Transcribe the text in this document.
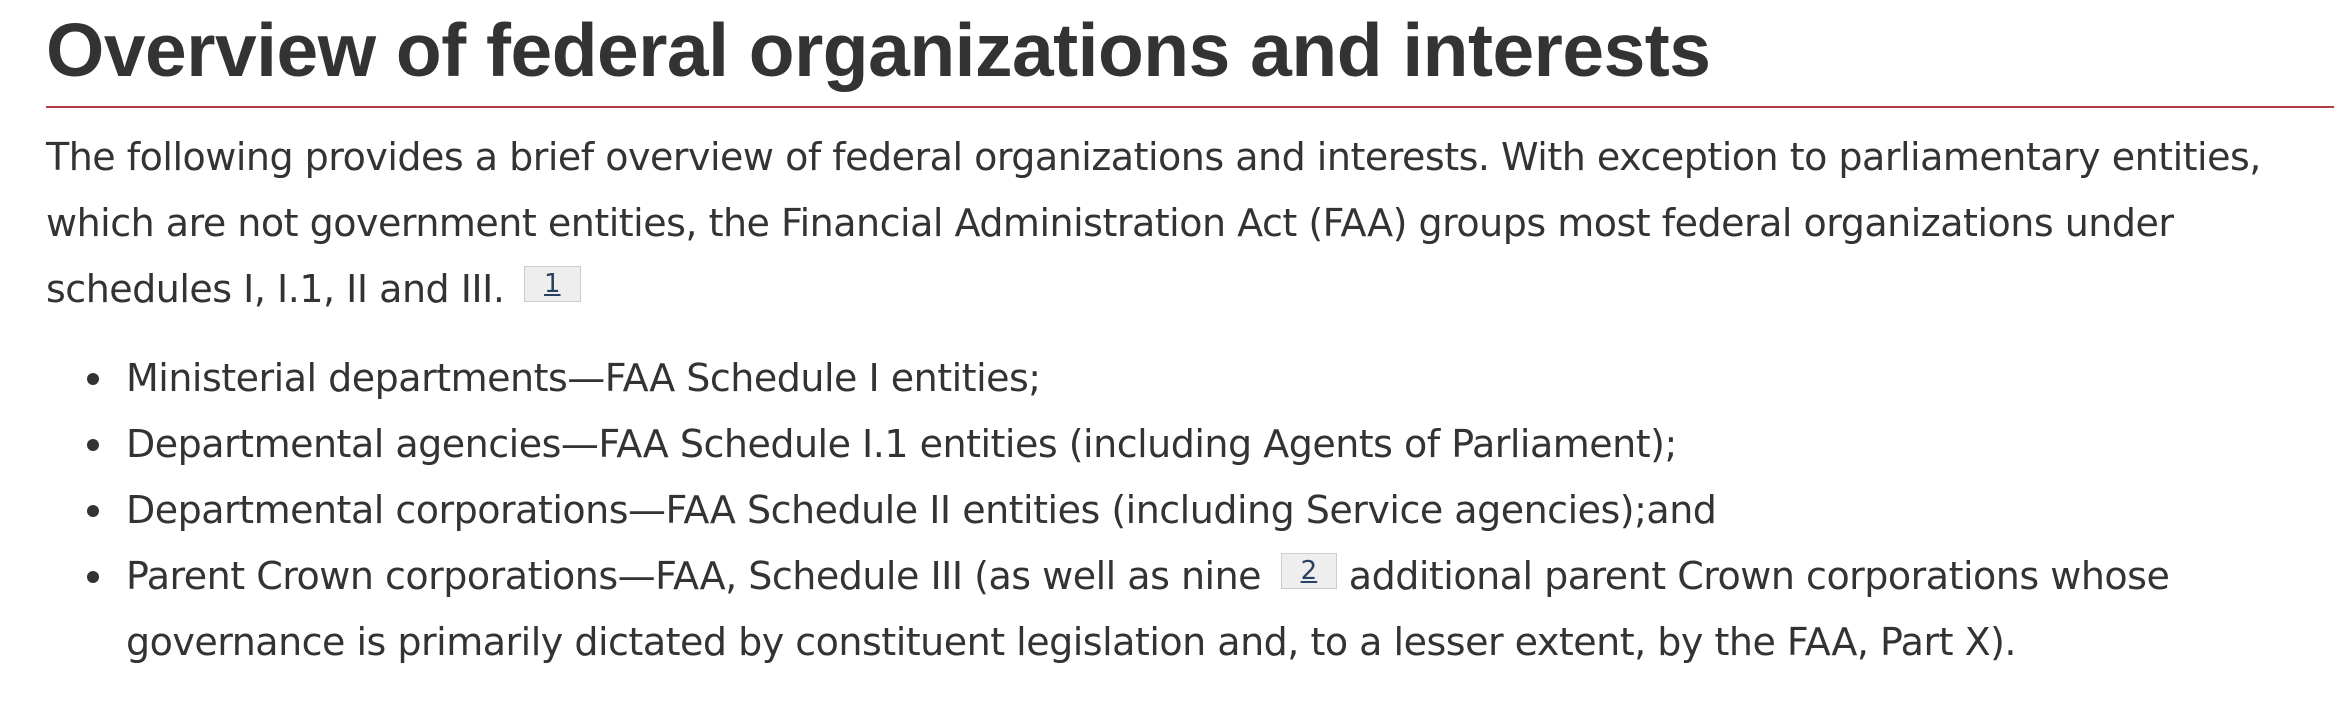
Overview of federal organizations and interests

The following provides a brief overview of federal organizations and interests. With exception to parliamentary entities, which are not government entities, the Financial Administration Act (FAA) groups most federal organizations under schedules I, I.1, II and III. 1

Ministerial departments—FAA Schedule I entities;
Departmental agencies—FAA Schedule I.1 entities (including Agents of Parliament);
Departmental corporations—FAA Schedule II entities (including Service agencies);and
Parent Crown corporations—FAA, Schedule III (as well as nine 2 additional parent Crown corporations whose governance is primarily dictated by constituent legislation and, to a lesser extent, by the FAA, Part X).
